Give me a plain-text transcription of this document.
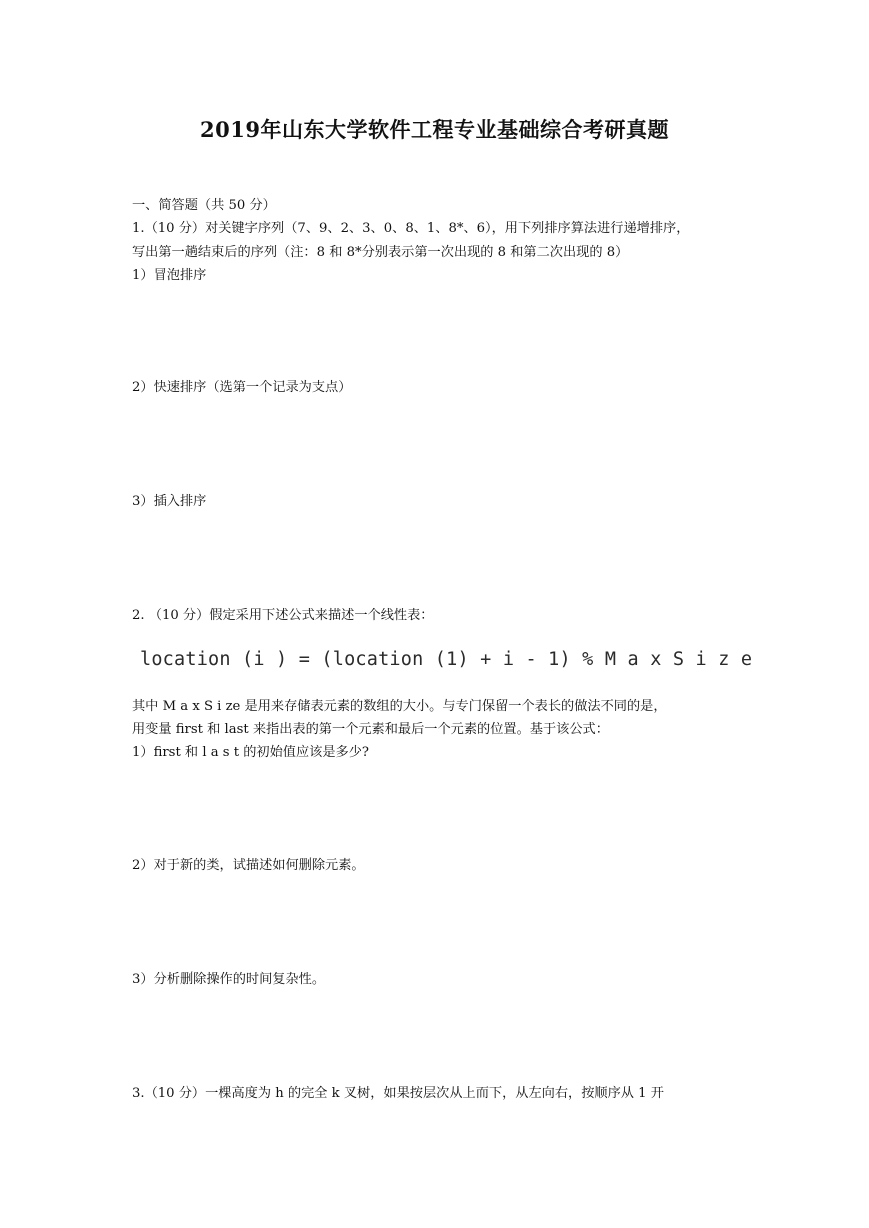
2019年山东大学软件工程专业基础综合考研真题
一、简答题（共 50 分）
1.（10 分）对关键字序列（7、9、2、3、0、8、1、8*、6），用下列排序算法进行递增排序，
写出第一趟结束后的序列（注：8 和 8*分别表示第一次出现的 8 和第二次出现的 8）
1）冒泡排序
2）快速排序（选第一个记录为支点）
3）插入排序
2. （10 分）假定采用下述公式来描述一个线性表：
location (i ) = (location (1) + i - 1) % M a x S i z e
其中 M a x S i ze 是用来存储表元素的数组的大小。与专门保留一个表长的做法不同的是，
用变量 first 和 last 来指出表的第一个元素和最后一个元素的位置。基于该公式：
1）first 和 l a s t 的初始值应该是多少?
2）对于新的类，试描述如何删除元素。
3）分析删除操作的时间复杂性。
3.（10 分）一棵高度为 h 的完全 k 叉树，如果按层次从上而下，从左向右，按顺序从 1 开
